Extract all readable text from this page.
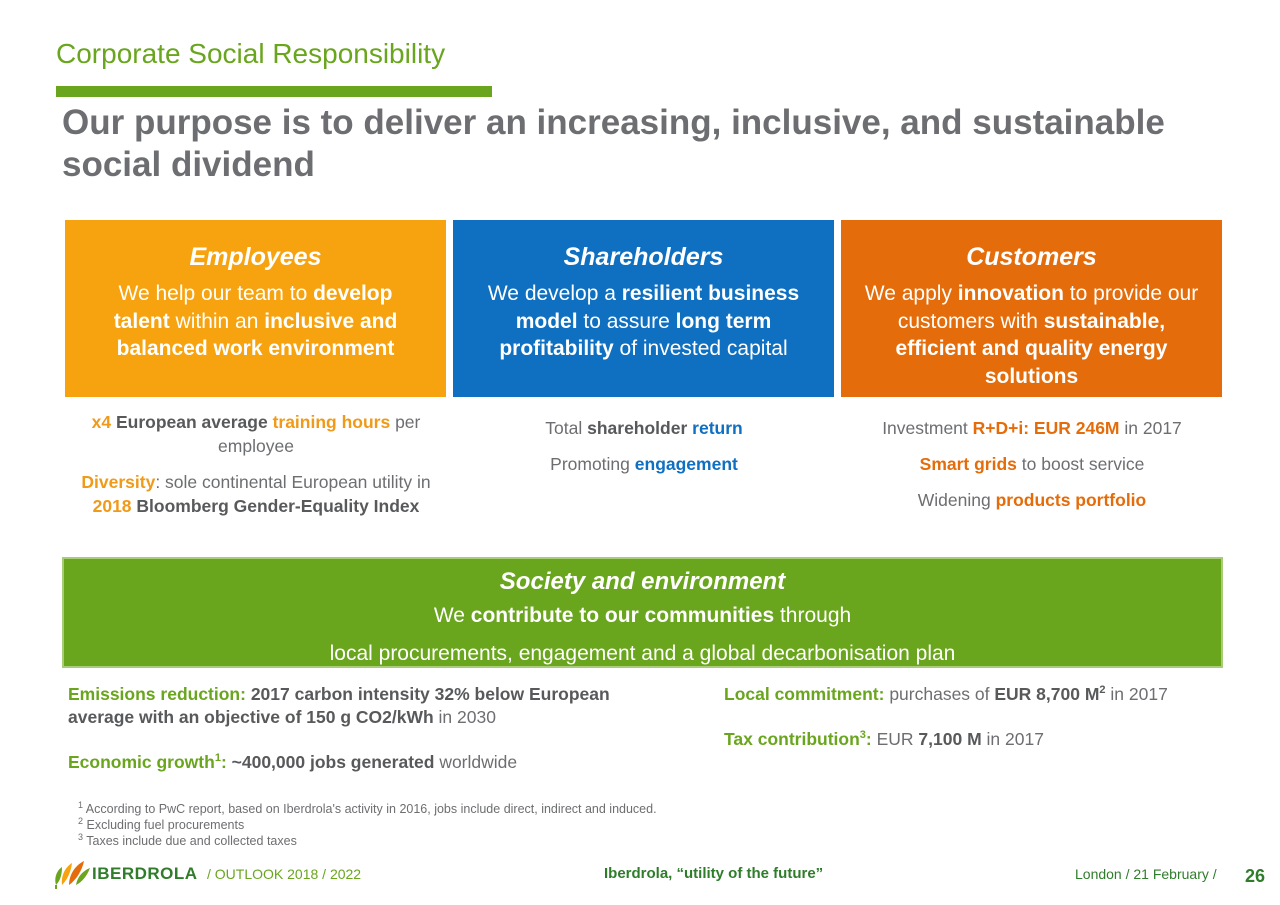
Corporate Social Responsibility
Our purpose is to deliver an increasing, inclusive, and sustainable social dividend
Employees
We help our team to develop talent within an inclusive and balanced work environment
Shareholders
We develop a resilient business model to assure long term profitability of invested capital
Customers
We apply innovation to provide our customers with sustainable, efficient and quality energy solutions

x4 European average training hours per employee

Diversity: sole continental European utility in 2018 Bloomberg Gender-Equality Index

Total shareholder return

Promoting engagement

Investment R+D+i: EUR 246M in 2017

Smart grids to boost service

Widening products portfolio

Society and environment
We contribute to our communities through
local procurements, engagement and a global decarbonisation plan
Emissions reduction: 2017 carbon intensity 32% below European average with an objective of 150 g CO2/kWh in 2030
Economic growth$^1$: ~400,000 jobs generated worldwide
Local commitment: purchases of EUR 8,700 $M^2$ in 2017
Tax contribution$^3$: EUR 7,100 M in 2017
$^1$ According to PwC report, based on Iberdrola's activity in 2016, jobs include direct, indirect and induced.
$^2$ Excluding fuel procurements
$^3$ Taxes include due and collected taxes
IBERDROLA / OUTLOOK 2018 / 2022	Iberdrola, “utility of the future”	London / 21 February / 26
